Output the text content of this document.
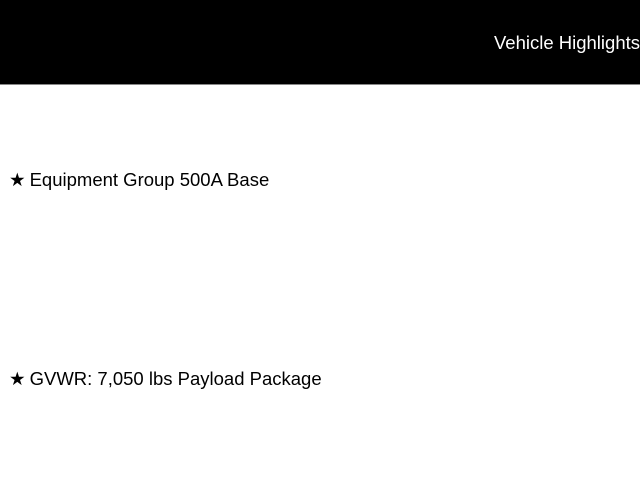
Vehicle Highlights
★ Equipment Group 500A Base
★ GVWR: 7,050 lbs Payload Package
